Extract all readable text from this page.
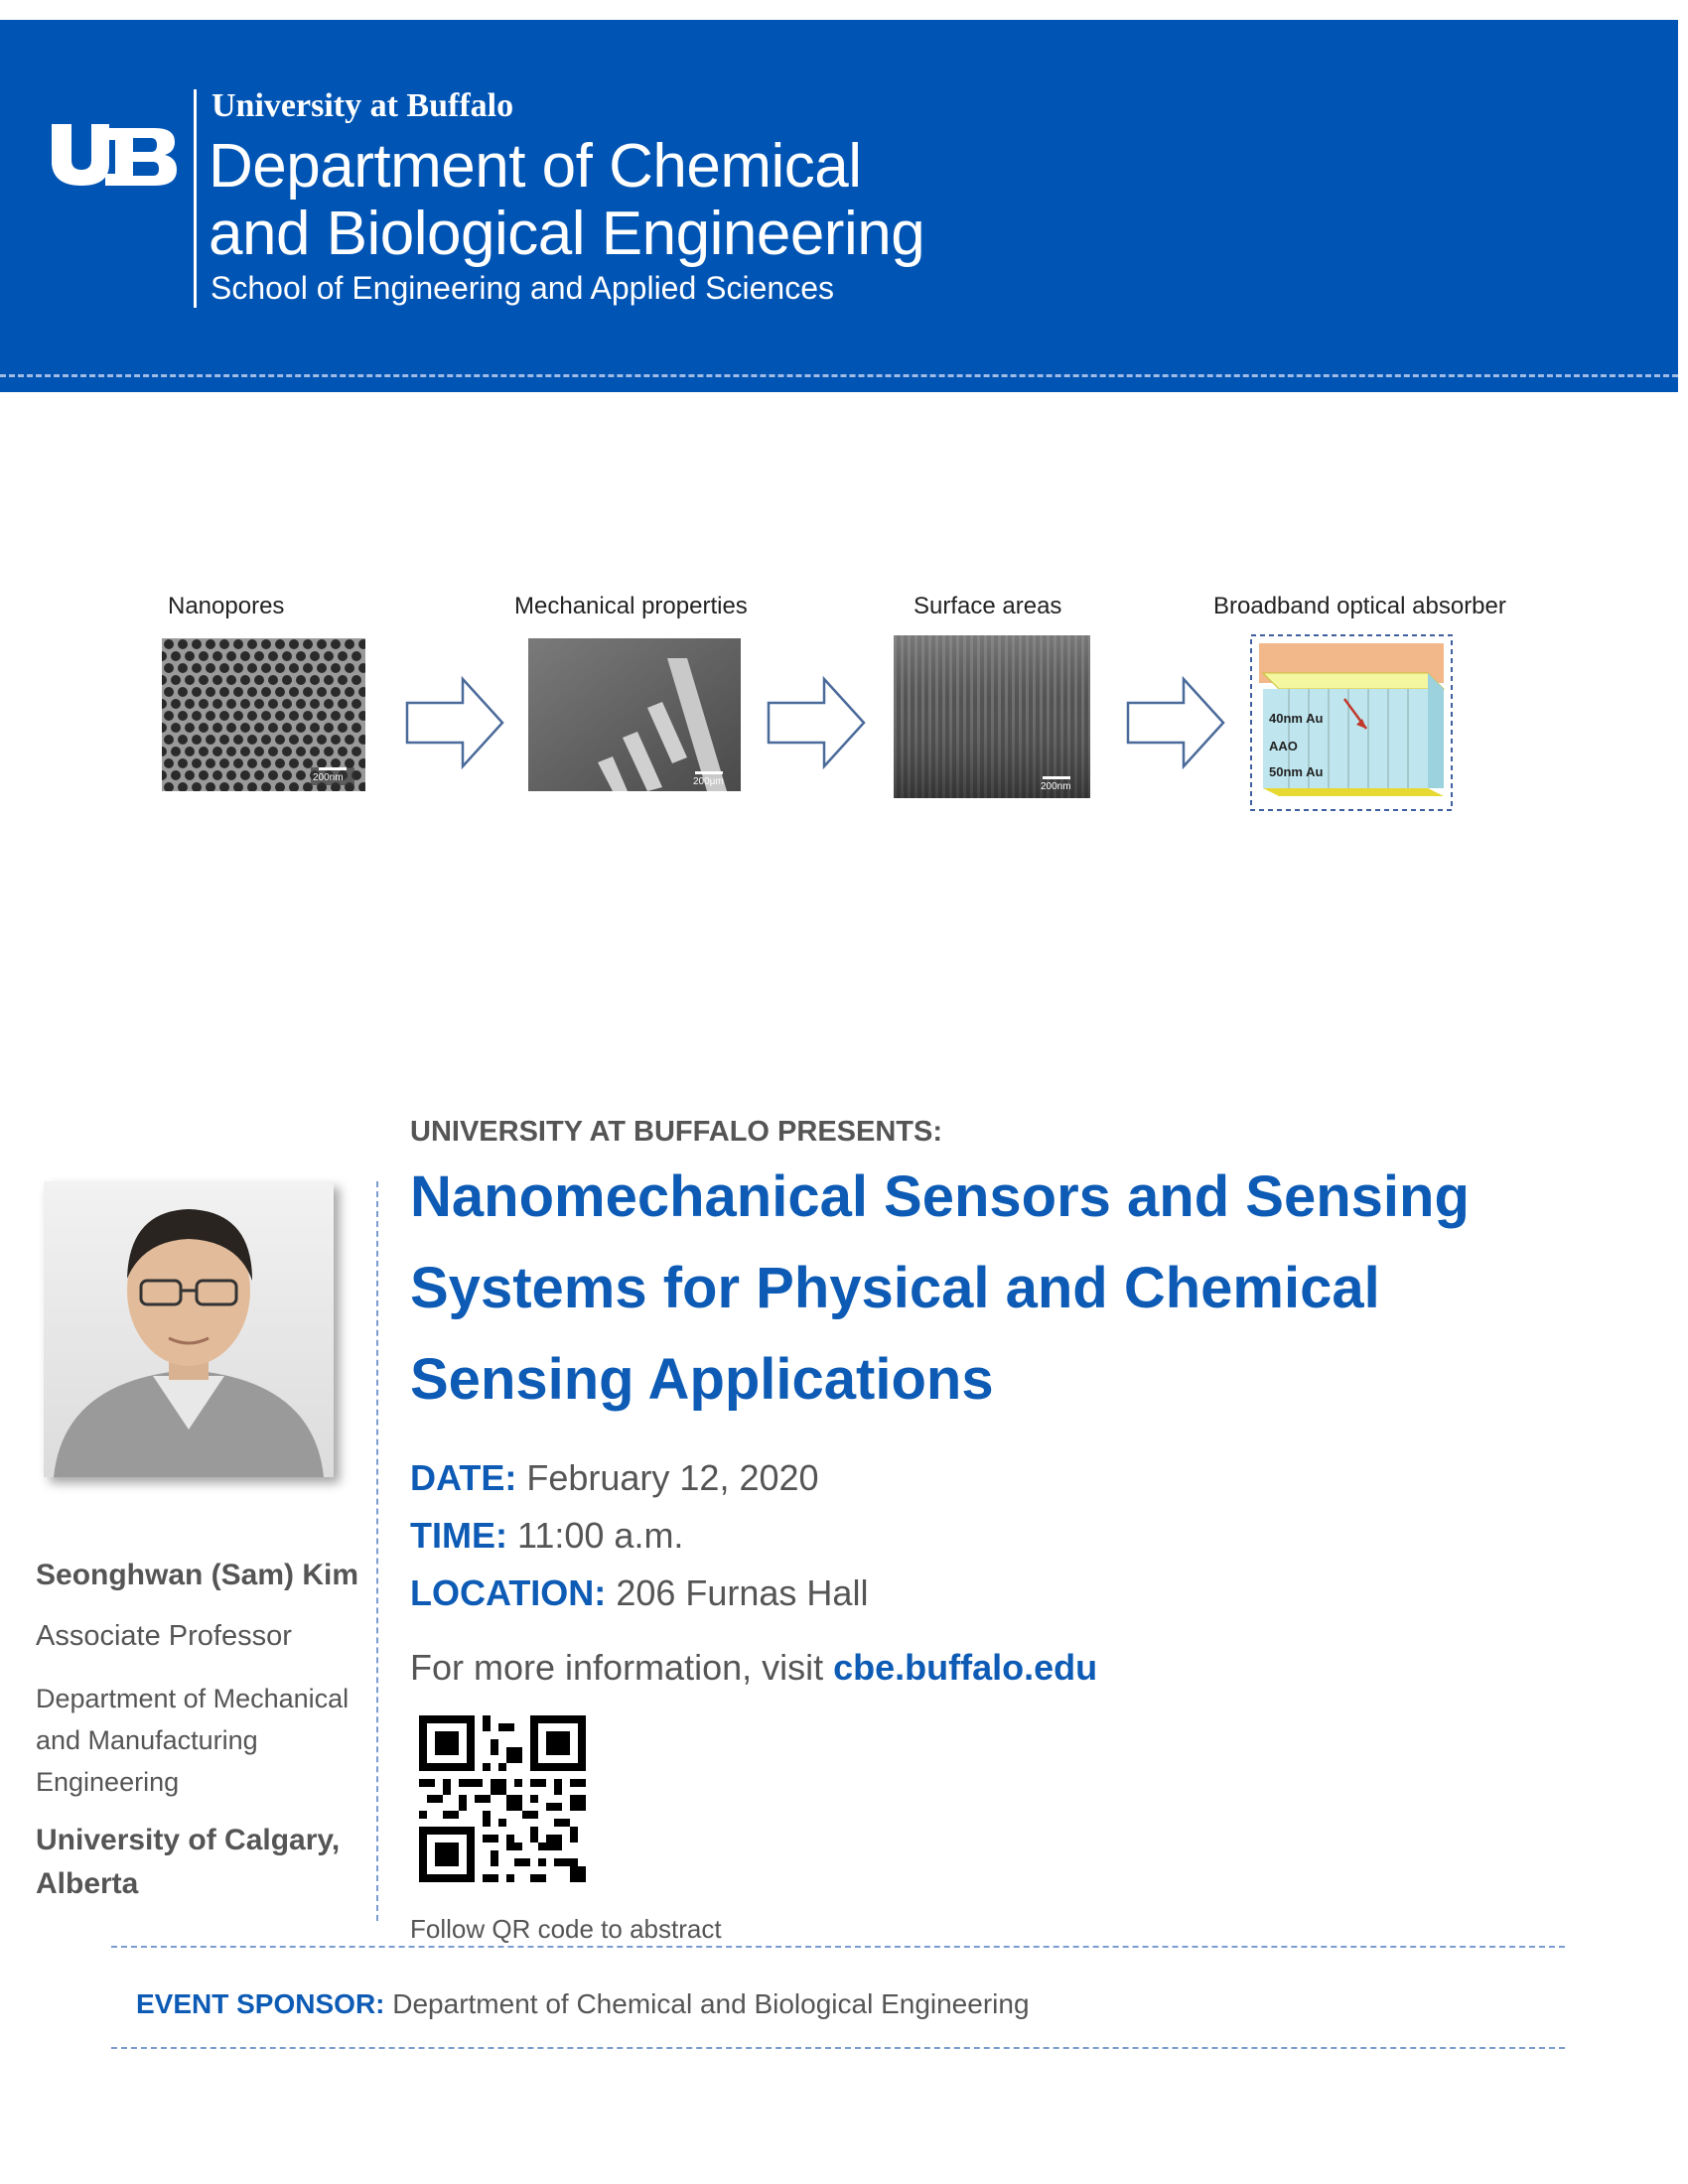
University at Buffalo
Department of Chemical
and Biological Engineering
School of Engineering and Applied Sciences
Nanopores	Mechanical properties	Surface areas	Broadband optical absorber
200nm	200μm	200nm
40nm Au
AAO
50nm Au
UNIVERSITY AT BUFFALO PRESENTS:
Nanomechanical Sensors and Sensing
Systems for Physical and Chemical
Sensing Applications
DATE: February 12, 2020
TIME: 11:00 a.m.
LOCATION: 206 Furnas Hall
For more information, visit cbe.buffalo.edu
Follow QR code to abstract
Seonghwan (Sam) Kim
Associate Professor
Department of Mechanical and Manufacturing Engineering
University of Calgary, Alberta
EVENT SPONSOR: Department of Chemical and Biological Engineering
